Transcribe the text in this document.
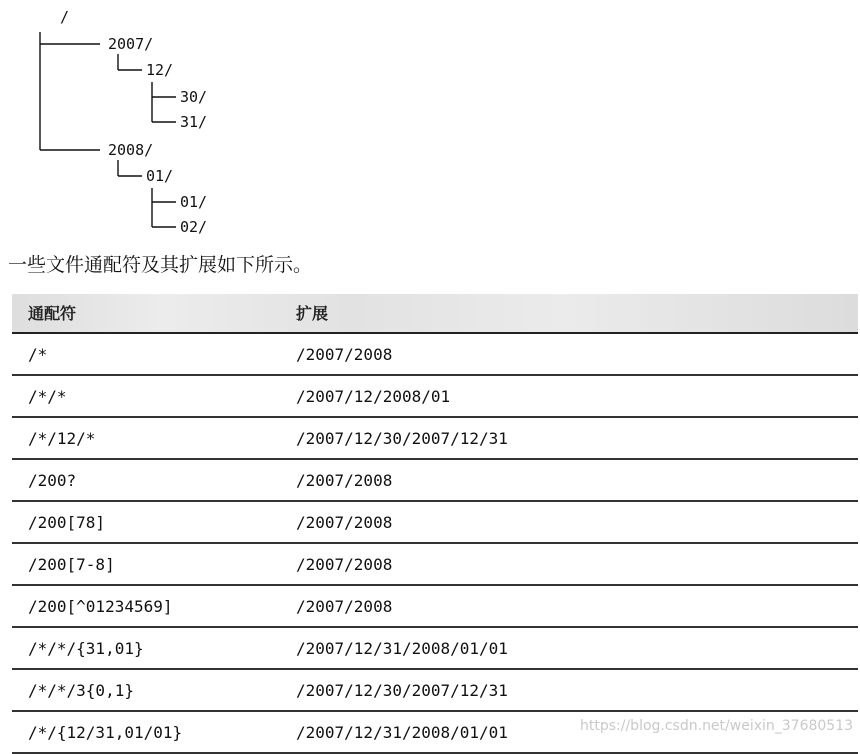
/
2007/
12/
30/
31/
2008/
01/
01/
02/
一些文件通配符及其扩展如下所示。
通配符	扩展
/*	/2007/2008
/*/*	/2007/12/2008/01
/*/12/*	/2007/12/30/2007/12/31
/200?	/2007/2008
/200[78]	/2007/2008
/200[7-8]	/2007/2008
/200[^01234569]	/2007/2008
/*/*/{31,01}	/2007/12/31/2008/01/01
/*/*/3{0,1}	/2007/12/30/2007/12/31
/*/{12/31,01/01}	/2007/12/31/2008/01/01	https://blog.csdn.net/weixin_37680513
